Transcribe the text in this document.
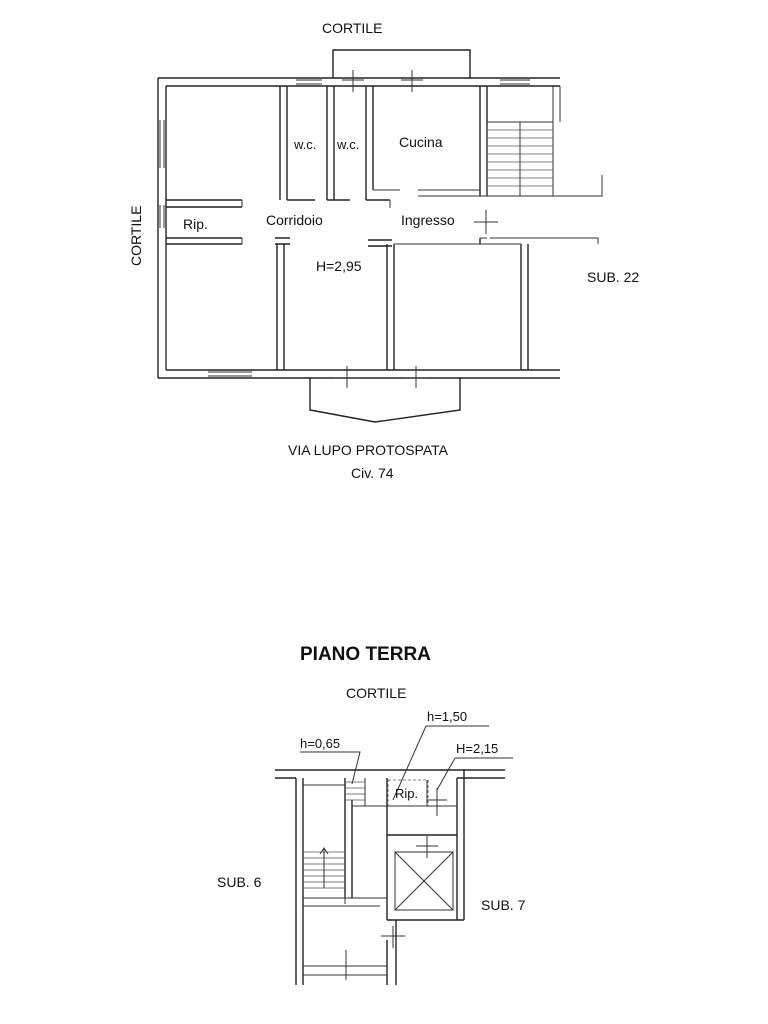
w.c. w.c.	Cucina
Rip.	Corridoio	Ingresso
H=2,95
CORTILE
CORTILE
SUB. 22
VIA LUPO PROTOSPATA
Civ. 74
PIANO TERRA
CORTILE
h=1,50
h=0,65	H=2,15
Rip.
SUB. 6
SUB. 7
